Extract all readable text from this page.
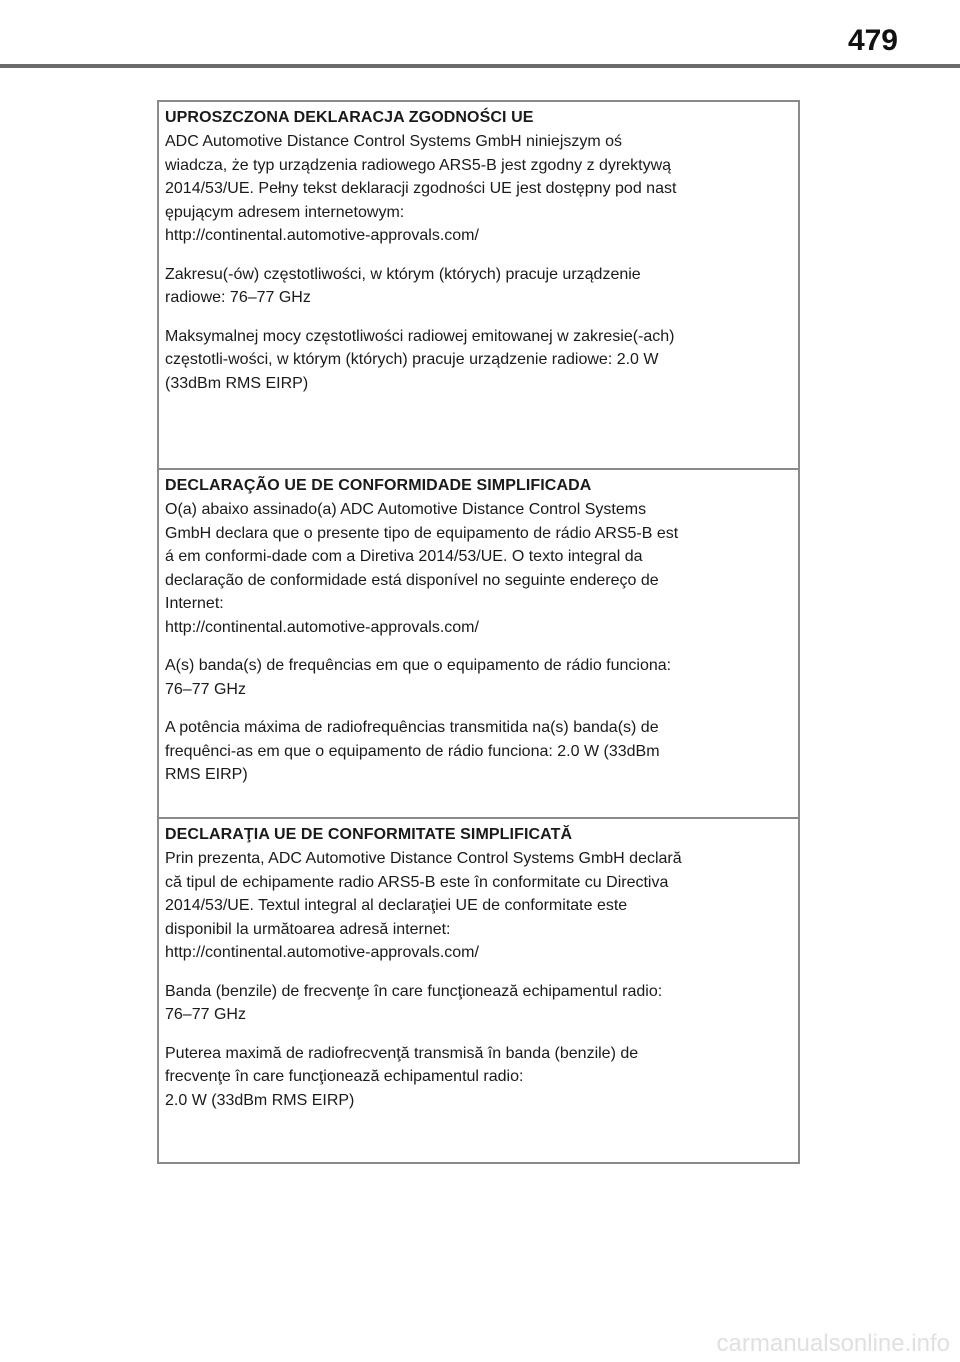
479
UPROSZCZONA DEKLARACJA ZGODNOŚCI UE

ADC Automotive Distance Control Systems GmbH niniejszym oś
wiadcza, że typ urządzenia radiowego ARS5-B jest zgodny z dyrektywą
2014/53/UE. Pełny tekst deklaracji zgodności UE jest dostępny pod nast
ępującym adresem internetowym:
http://continental.automotive-approvals.com/

Zakresu(-ów) częstotliwości, w którym (których) pracuje urządzenie
radiowe: 76–77 GHz

Maksymalnej mocy częstotliwości radiowej emitowanej w zakresie(-ach)
częstotli-wości, w którym (których) pracuje urządzenie radiowe: 2.0 W
(33dBm RMS EIRP)

DECLARAÇÃO UE DE CONFORMIDADE SIMPLIFICADA

O(a) abaixo assinado(a) ADC Automotive Distance Control Systems
GmbH declara que o presente tipo de equipamento de rádio ARS5-B est
á em conformi-dade com a Diretiva 2014/53/UE. O texto integral da
declaração de conformidade está disponível no seguinte endereço de
Internet:
http://continental.automotive-approvals.com/

A(s) banda(s) de frequências em que o equipamento de rádio funciona:
76–77 GHz

A potência máxima de radiofrequências transmitida na(s) banda(s) de
frequênci-as em que o equipamento de rádio funciona: 2.0 W (33dBm
RMS EIRP)

DECLARAŢIA UE DE CONFORMITATE SIMPLIFICATĂ

Prin prezenta, ADC Automotive Distance Control Systems GmbH declară
că tipul de echipamente radio ARS5-B este în conformitate cu Directiva
2014/53/UE. Textul integral al declaraţiei UE de conformitate este
disponibil la următoarea adresă internet:
http://continental.automotive-approvals.com/

Banda (benzile) de frecvenţe în care funcţionează echipamentul radio:
76–77 GHz

Puterea maximă de radiofrecvenţă transmisă în banda (benzile) de
frecvenţe în care funcţionează echipamentul radio:
2.0 W (33dBm RMS EIRP)

carmanualsonline.info
